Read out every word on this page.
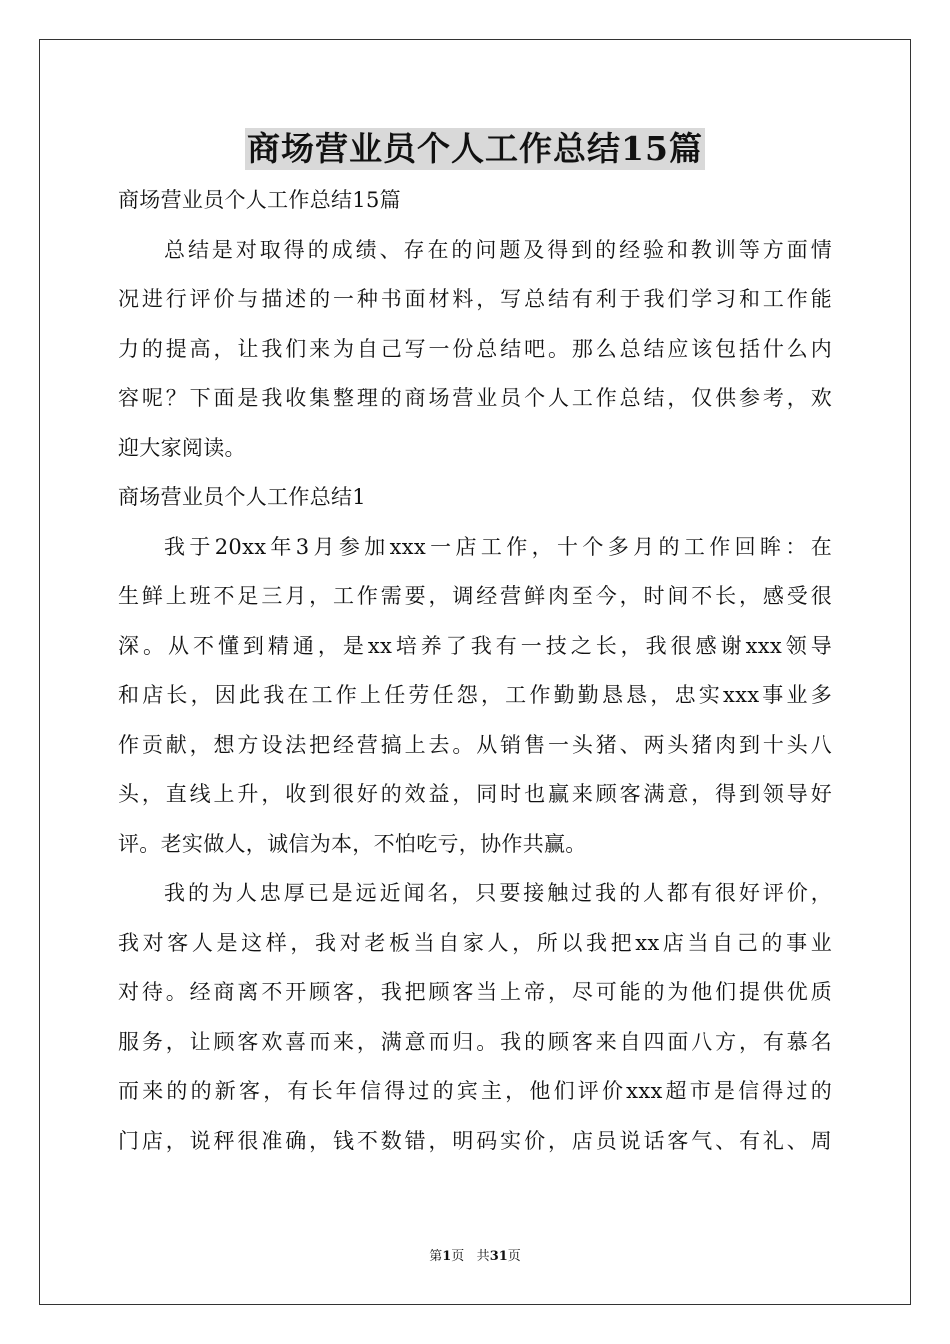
商场营业员个人工作总结15篇
商场营业员个人工作总结15篇
总结是对取得的成绩、存在的问题及得到的经验和教训等方面情
况进行评价与描述的一种书面材料，写总结有利于我们学习和工作能
力的提高，让我们来为自己写一份总结吧。那么总结应该包括什么内
容呢？下面是我收集整理的商场营业员个人工作总结，仅供参考，欢
迎大家阅读。
商场营业员个人工作总结1
我于20xx年3月参加xxx一店工作，十个多月的工作回眸：在
生鲜上班不足三月，工作需要，调经营鲜肉至今，时间不长，感受很
深。从不懂到精通，是xx培养了我有一技之长，我很感谢xxx领导
和店长，因此我在工作上任劳任怨，工作勤勤恳恳，忠实xxx事业多
作贡献，想方设法把经营搞上去。从销售一头猪、两头猪肉到十头八
头，直线上升，收到很好的效益，同时也赢来顾客满意，得到领导好
评。老实做人，诚信为本，不怕吃亏，协作共赢。
我的为人忠厚已是远近闻名，只要接触过我的人都有很好评价，
我对客人是这样，我对老板当自家人，所以我把xx店当自己的事业
对待。经商离不开顾客，我把顾客当上帝，尽可能的为他们提供优质
服务，让顾客欢喜而来，满意而归。我的顾客来自四面八方，有慕名
而来的的新客，有长年信得过的宾主，他们评价xxx超市是信得过的
门店，说秤很准确，钱不数错，明码实价，店员说话客气、有礼、周
第1页 共31页
